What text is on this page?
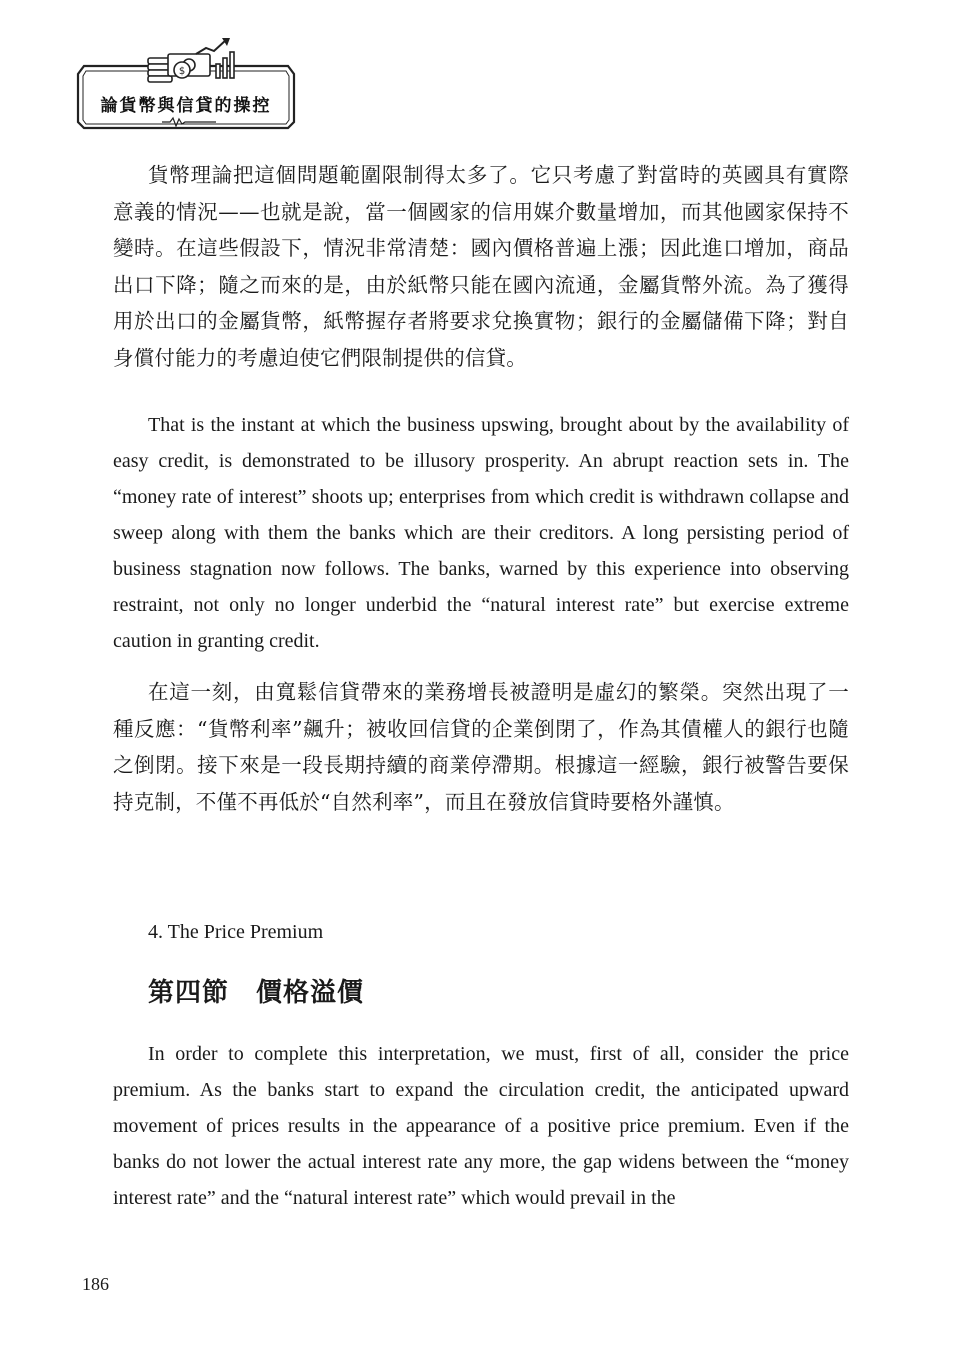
$
論貨幣與信貸的操控

貨幣理論把這個問題範圍限制得太多了。它只考慮了對當時的英國具有實際意義的情況——也就是說，當一個國家的信用媒介數量增加，而其他國家保持不變時。在這些假設下，情況非常清楚：國內價格普遍上漲；因此進口增加，商品出口下降；隨之而來的是，由於紙幣只能在國內流通，金屬貨幣外流。為了獲得用於出口的金屬貨幣，紙幣握存者將要求兌換實物；銀行的金屬儲備下降；對自身償付能力的考慮迫使它們限制提供的信貸。

That is the instant at which the business upswing, brought about by the availability of easy credit, is demonstrated to be illusory prosperity. An abrupt reaction sets in. The “money rate of interest” shoots up; enterprises from which credit is withdrawn collapse and sweep along with them the banks which are their creditors. A long persisting period of business stagnation now follows. The banks, warned by this experience into observing restraint, not only no longer underbid the “natural interest rate” but exercise extreme caution in granting credit.

在這一刻，由寬鬆信貸帶來的業務增長被證明是虛幻的繁榮。突然出現了一種反應：“貨幣利率”飆升；被收回信貸的企業倒閉了，作為其債權人的銀行也隨之倒閉。接下來是一段長期持續的商業停滯期。根據這一經驗，銀行被警告要保持克制，不僅不再低於“自然利率”，而且在發放信貸時要格外謹慎。

4. The Price Premium
第四節　價格溢價

In order to complete this interpretation, we must, first of all, consider the price premium. As the banks start to expand the circulation credit, the anticipated upward movement of prices results in the appearance of a positive price premium. Even if the banks do not lower the actual interest rate any more, the gap widens between the “money interest rate” and the “natural interest rate” which would prevail in the

186
